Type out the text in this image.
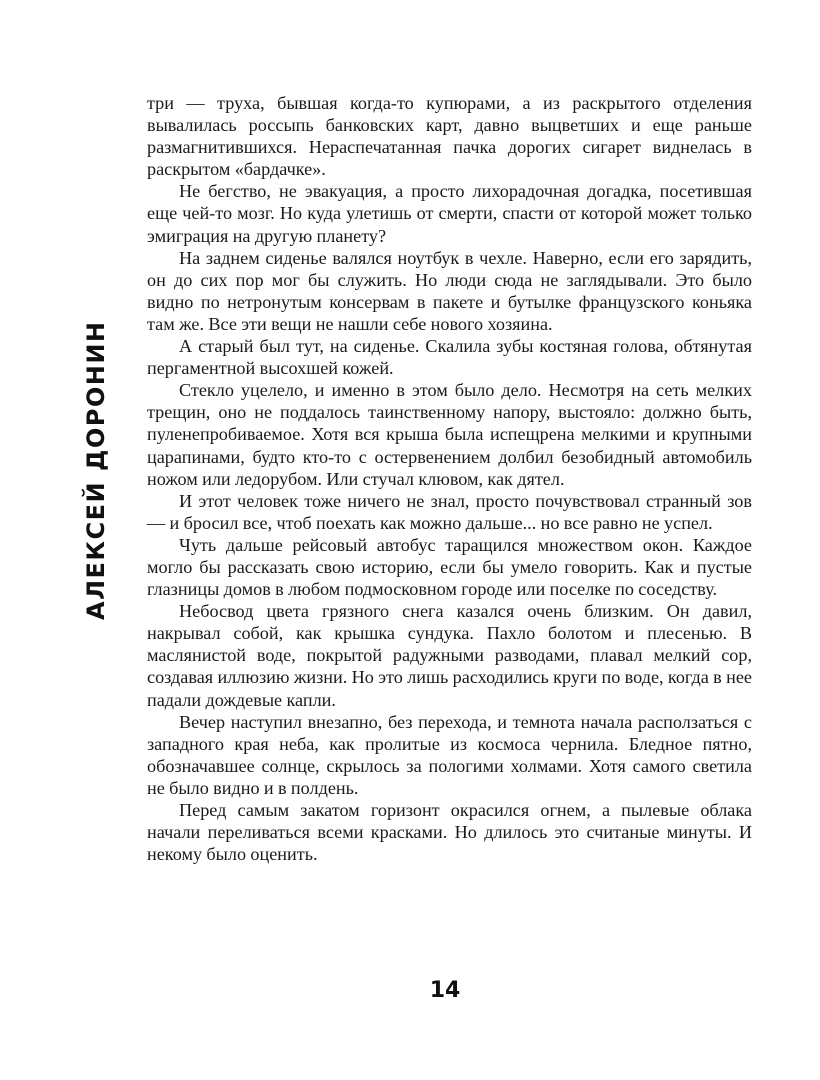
АЛЕКСЕЙ ДОРОНИН

три — труха, бывшая когда-то купюрами, а из раскрытого отделения вывалилась россыпь банковских карт, давно выцветших и еще раньше размагнитившихся. Нераспечатанная пачка дорогих сигарет виднелась в раскрытом «бардачке».

Не бегство, не эвакуация, а просто лихорадочная догадка, посетившая еще чей-то мозг. Но куда улетишь от смерти, спасти от которой может только эмиграция на другую планету?

На заднем сиденье валялся ноутбук в чехле. Наверно, если его зарядить, он до сих пор мог бы служить. Но люди сюда не заглядывали. Это было видно по нетронутым консервам в пакете и бутылке французского коньяка там же. Все эти вещи не нашли себе нового хозяина.

А старый был тут, на сиденье. Скалила зубы костяная голова, обтянутая пергаментной высохшей кожей.

Стекло уцелело, и именно в этом было дело. Несмотря на сеть мелких трещин, оно не поддалось таинственному напору, выстояло: должно быть, пуленепробиваемое. Хотя вся крыша была испещрена мелкими и крупными царапинами, будто кто-то с остервенением долбил безобидный автомобиль ножом или ледорубом. Или стучал клювом, как дятел.

И этот человек тоже ничего не знал, просто почувствовал странный зов — и бросил все, чтоб поехать как можно дальше... но все равно не успел.

Чуть дальше рейсовый автобус таращился множеством окон. Каждое могло бы рассказать свою историю, если бы умело говорить. Как и пустые глазницы домов в любом подмосковном городе или поселке по соседству.

Небосвод цвета грязного снега казался очень близким. Он давил, накрывал собой, как крышка сундука. Пахло болотом и плесенью. В маслянистой воде, покрытой радужными разводами, плавал мелкий сор, создавая иллюзию жизни. Но это лишь расходились круги по воде, когда в нее падали дождевые капли.

Вечер наступил внезапно, без перехода, и темнота начала расползаться с западного края неба, как пролитые из космоса чернила. Бледное пятно, обозначавшее солнце, скрылось за пологими холмами. Хотя самого светила не было видно и в полдень.

Перед самым закатом горизонт окрасился огнем, а пылевые облака начали переливаться всеми красками. Но длилось это считаные минуты. И некому было оценить.

14
